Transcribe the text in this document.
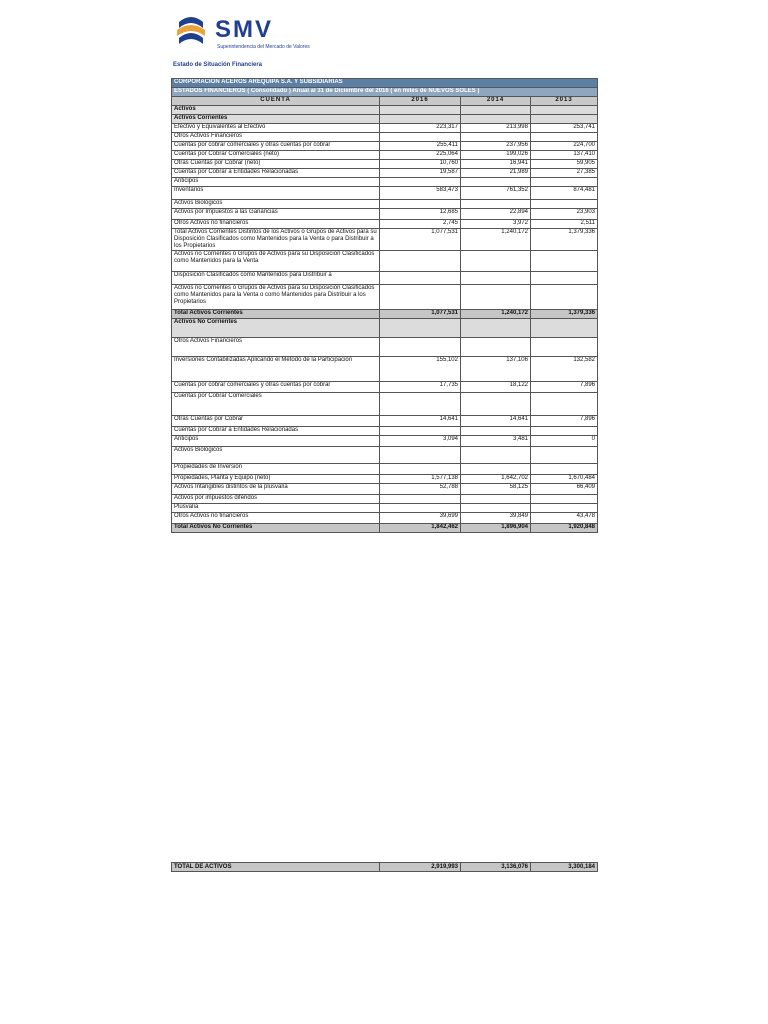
SMV
Superintendencia del Mercado de Valores
Estado de Situación Financiera
CORPORACION ACEROS AREQUIPA S.A. Y SUBSIDIARIAS			
ESTADOS FINANCIEROS ( Consolidado ) Anual al 31 de Diciembre del 2016 ( en miles de NUEVOS SOLES )			
CUENTA	2016	2014	2013
Activos			
Activos Corrientes			
Efectivo y Equivalentes al Efectivo	223,317	213,998	253,741
Otros Activos Financieros			
Cuentas por cobrar comerciales y otras cuentas por cobrar	255,411	237,956	224,700
Cuentas por Cobrar Comerciales (neto)	225,064	199,026	137,410
Otras Cuentas por Cobrar (neto)	10,760	16,941	59,905
Cuentas por Cobrar a Entidades Relacionadas	19,587	21,989	27,385
Anticipos			
Inventarios	583,473	761,352	874,481
Activos Biológicos			
Activos por Impuestos a las Ganancias	12,685	22,894	23,903
Otros Activos no financieros	2,745	3,972	2,511
Total Activos Corrientes Distintos de los Activos o Grupos de Activos para su Disposición Clasificados como Mantenidos para la Venta o para Distribuir a los Propietarios	1,077,531	1,240,172	1,379,336
Activos no Corrientes o Grupos de Activos para su Disposición Clasificados como Mantenidos para la Venta			
Disposición Clasificados como Mantenidos para Distribuir a			
Activos no Corrientes o Grupos de Activos para su Disposición Clasificados como Mantenidos para la Venta o como Mantenidos para Distribuir a los Propietarios			
Total Activos Corrientes	1,077,531	1,240,172	1,379,336
Activos No Corrientes			
Otros Activos Financieros			
Inversiones Contabilizadas Aplicando el Método de la Participación	155,102	137,106	132,582
Cuentas por cobrar comerciales y otras cuentas por cobrar	17,735	18,122	7,896
Cuentas por Cobrar Comerciales			
Otras Cuentas por Cobrar	14,641	14,641	7,896
Cuentas por Cobrar a Entidades Relacionadas			
Anticipos	3,094	3,481	0
Activos Biológicos			
Propiedades de Inversión			
Propiedades, Planta y Equipo (neto)	1,577,138	1,642,702	1,670,484
Activos Intangibles distintos de la plusvalía	52,788	58,125	66,409
Activos por impuestos diferidos			
Plusvalía			
Otros Activos no financieros	39,699	39,849	43,478
Total Activos No Corrientes	1,842,462	1,896,904	1,920,848
TOTAL DE ACTIVOS	2,919,993	3,136,076	3,300,184
